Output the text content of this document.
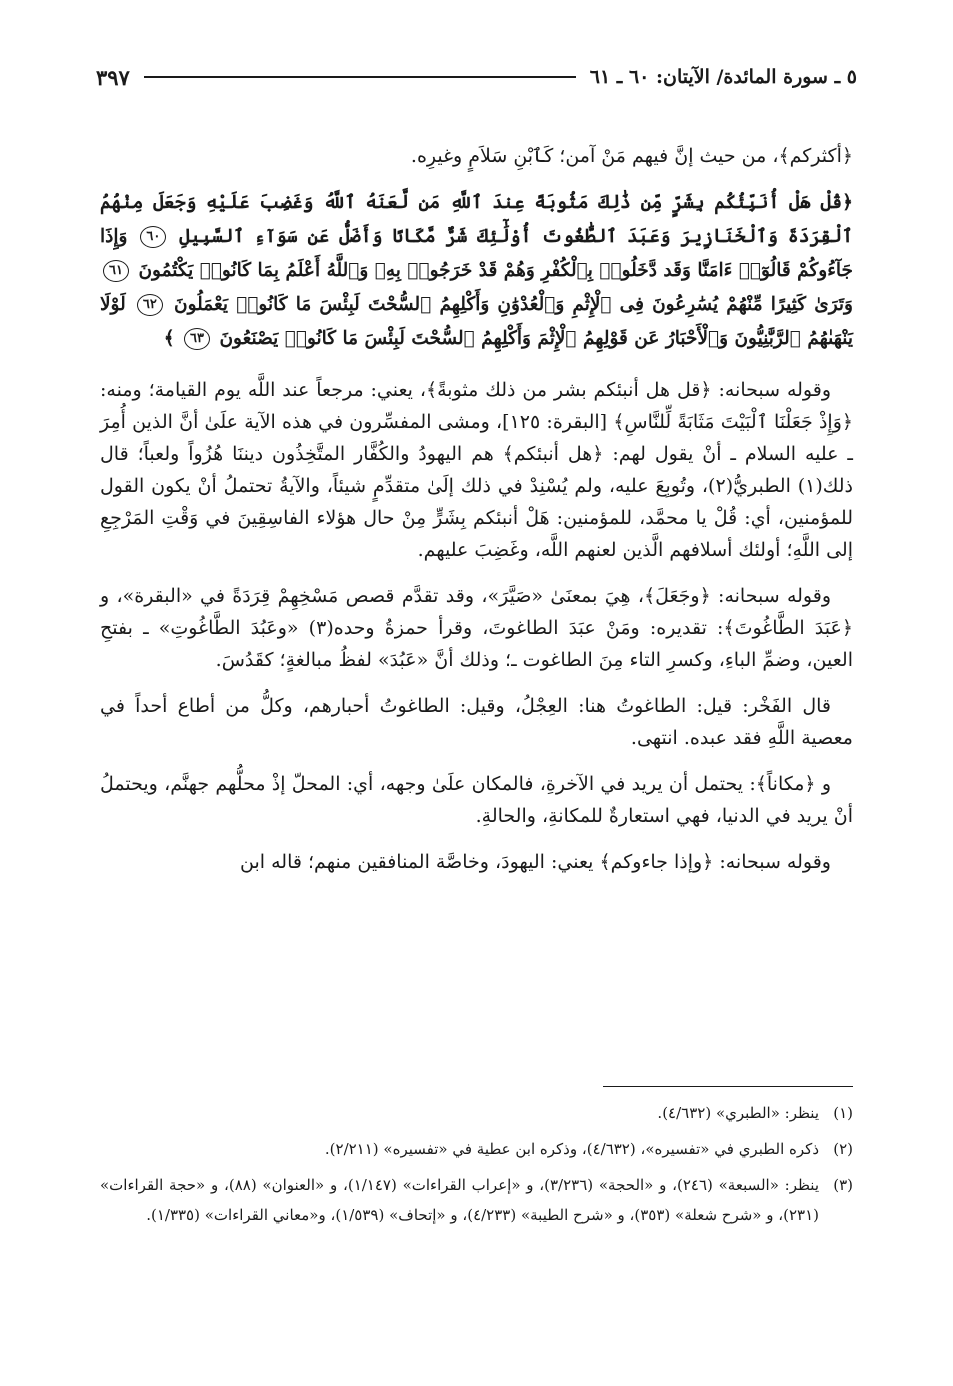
٥ ـ سورة المائدة/ الآيتان: ٦٠ ـ ٦١
٣٩٧

﴿أكثركم﴾، من حيث إنَّ فيهم مَنْ آمن؛ كَٱبْنِ سَلاَمٍ وغيرِه.

﴿قُلْ هَلْ أُنَبِّئُكُم بِشَرٍّ مِّن ذَٰلِكَ مَثُوبَةً عِندَ ٱللَّهِ مَن لَّعَنَهُ ٱللَّهُ وَغَضِبَ عَلَيْهِ وَجَعَلَ مِنْهُمُ ٱلْقِرَدَةَ وَٱلْخَنَازِيرَ وَعَبَدَ ٱلطَّٰغُوتَ أُوْلَٰٓئِكَ شَرٌّ مَّكَانًا وَأَضَلُّ عَن سَوَآءِ ٱلسَّبِيلِ ٦٠ وَإِذَا جَآءُوكُمْ قَالُوٓا۟ ءَامَنَّا وَقَد دَّخَلُوا۟ بِٱلْكُفْرِ وَهُمْ قَدْ خَرَجُوا۟ بِهِۦ وَٱللَّهُ أَعْلَمُ بِمَا كَانُوا۟ يَكْتُمُونَ ٦١ وَتَرَىٰ كَثِيرًا مِّنْهُمْ يُسَٰرِعُونَ فِى ٱلْإِثْمِ وَٱلْعُدْوَٰنِ وَأَكْلِهِمُ ٱلسُّحْتَ لَبِئْسَ مَا كَانُوا۟ يَعْمَلُونَ ٦٢ لَوْلَا يَنْهَىٰهُمُ ٱلرَّبَّٰنِيُّونَ وَٱلْأَحْبَارُ عَن قَوْلِهِمُ ٱلْإِثْمَ وَأَكْلِهِمُ ٱلسُّحْتَ لَبِئْسَ مَا كَانُوا۟ يَصْنَعُونَ ٦٣ ﴾

وقوله سبحانه: ﴿قل هل أنبئكم بشر من ذلك مثوبةً﴾، يعني: مرجعاً عند اللَّه يوم القيامة؛ ومنه: ﴿وَإِذْ جَعَلْنَا ٱلْبَيْتَ مَثَابَةً لِّلنَّاسِ﴾ [البقرة: ١٢٥]، ومشى المفسِّرون في هذه الآية علَىٰ أنَّ الذين أُمِرَ ـ عليه السلام ـ أنْ يقول لهم: ﴿هل أنبئكم﴾ هم اليهودُ والكُفَّار المتَّخِذُون ديننَا هُزُواً ولعباً؛ قال ذلك(١) الطبريُّ(٢)، وتُوبِعَ عليه، ولم يُسْنِدْ في ذلك إلَىٰ متقدِّمٍ شيئاً، والآيةُ تحتملُ أنْ يكون القول للمؤمنين، أي: قُلْ يا محمَّد، للمؤمنين: هَلْ أنبئكم بِشَرٍّ مِنْ حال هؤلاء الفاسِقِينَ في وَقْتِ المَرْجِعِ إلى اللَّهِ؛ أولئك أسلافهم الَّذين لعنهم اللَّه، وغَضِبَ عليهم.

وقوله سبحانه: ﴿وجَعَلَ﴾، هِيَ بمعنَىٰ «صَيَّرَ»، وقد تقدَّم قصص مَسْخِهِمْ قِرَدَةً في «البقرة»، و ﴿عَبَدَ الطَّاغُوتَ﴾: تقديره: ومَنْ عبَدَ الطاغوتَ، وقرأ حمزةُ وحده(٣) «وعَبُدَ الطَّاغُوتِ» ـ بفتحِ العين، وضمِّ الباءِ، وكسرِ التاء مِنَ الطاغوت ـ؛ وذلك أنَّ «عَبُدَ» لفظُ مبالغةٍ؛ كقَدُسَ.

قال الفَخْر: قيل: الطاغوتُ هنا: العِجْلُ، وقيل: الطاغوتُ أحبارهم، وكلُّ من أطاع أحداً في معصية اللَّهِ فقد عبده. انتهى.

و ﴿مكاناً﴾: يحتمل أن يريد في الآخرةِ، فالمكان علَىٰ وجهه، أي: المحلّ إذْ محلُّهم جهنَّم، ويحتملُ أنْ يريد في الدنيا، فهي استعارةٌ للمكانةِ، والحالةِ.

وقوله سبحانه: ﴿وإذا جاءوكم﴾ يعني: اليهودَ، وخاصَّة المنافقين منهم؛ قاله ابن

(١)
ينظر: «الطبري» (٤/٦٣٢).
(٢)
ذكره الطبري في «تفسيره»، (٤/٦٣٢)، وذكره ابن عطية في «تفسيره» (٢/٢١١).
(٣)
ينظر: «السبعة» (٢٤٦)، و «الحجة» (٣/٢٣٦)، و «إعراب القراءات» (١/١٤٧)، و «العنوان» (٨٨)، و «حجة القراءات» (٢٣١)، و «شرح شعلة» (٣٥٣)، و «شرح الطيبة» (٤/٢٣٣)، و «إتحاف» (١/٥٣٩)، و«معاني القراءات» (١/٣٣٥).
